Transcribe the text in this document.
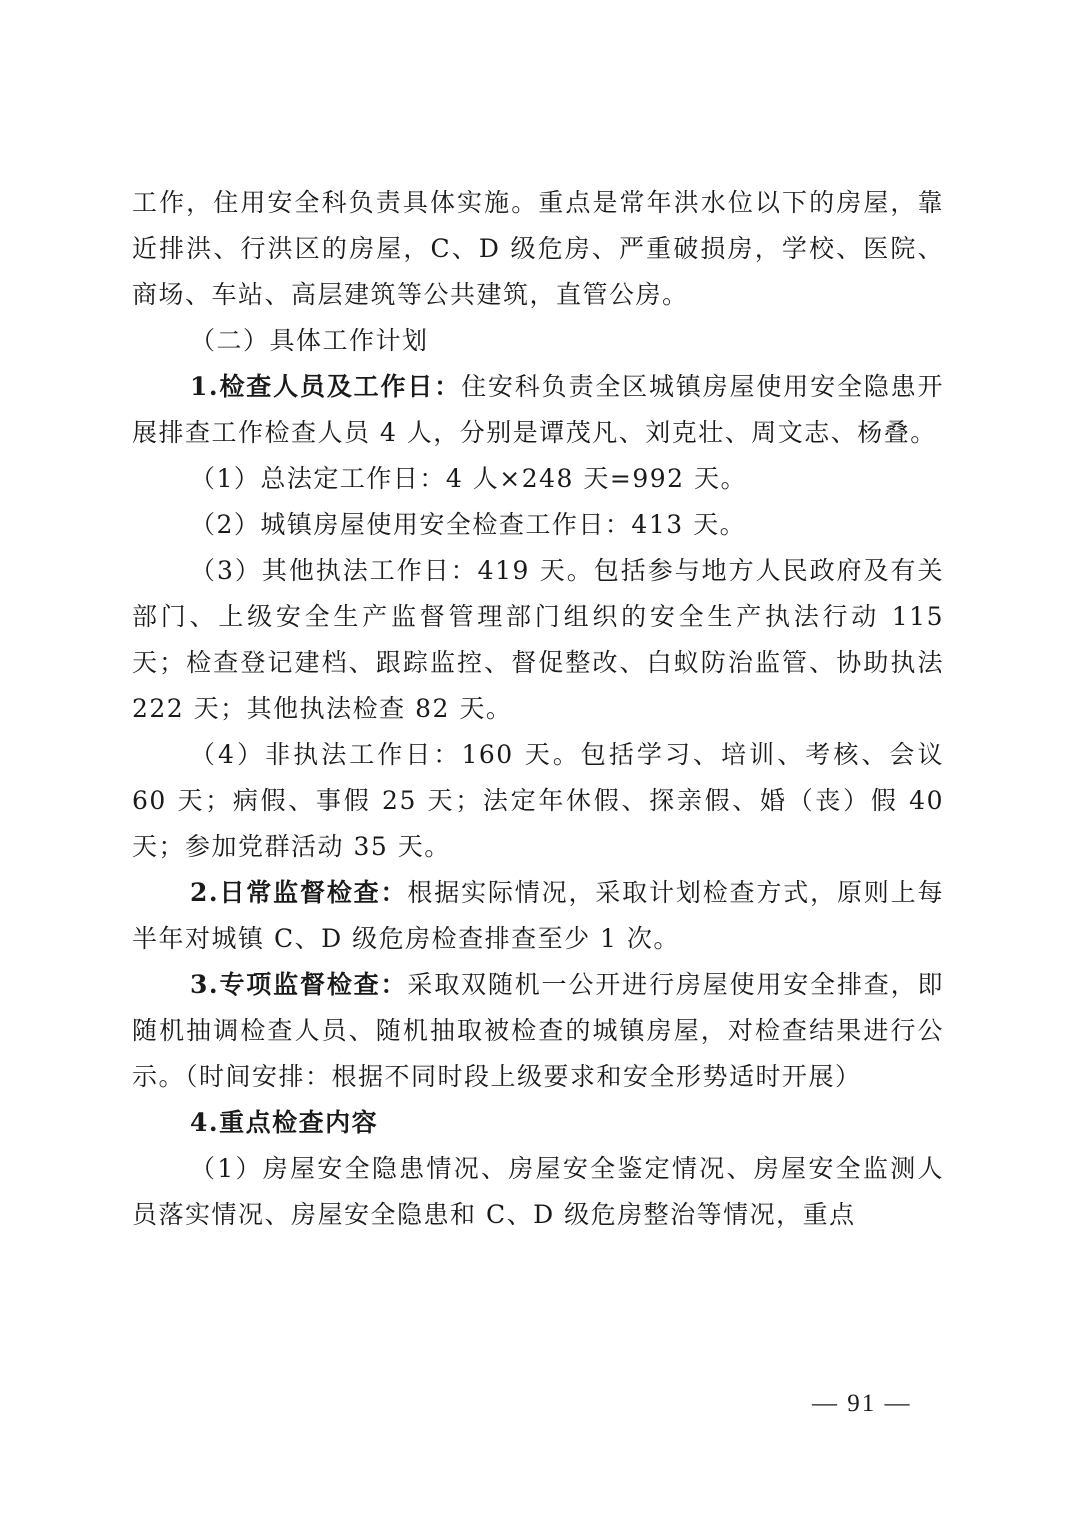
工作，住用安全科负责具体实施。重点是常年洪水位以下的房屋，靠近排洪、行洪区的房屋，C、D 级危房、严重破损房，学校、医院、商场、车站、高层建筑等公共建筑，直管公房。

（二）具体工作计划

1.检查人员及工作日：住安科负责全区城镇房屋使用安全隐患开展排查工作检查人员 4 人，分别是谭茂凡、刘克壮、周文志、杨叠。

（1）总法定工作日：4 人×248 天=992 天。

（2）城镇房屋使用安全检查工作日：413 天。

（3）其他执法工作日：419 天。包括参与地方人民政府及有关部门、上级安全生产监督管理部门组织的安全生产执法行动 115 天；检查登记建档、跟踪监控、督促整改、白蚁防治监管、协助执法 222 天；其他执法检查 82 天。

（4）非执法工作日：160 天。包括学习、培训、考核、会议 60 天；病假、事假 25 天；法定年休假、探亲假、婚（丧）假 40 天；参加党群活动 35 天。

2.日常监督检查：根据实际情况，采取计划检查方式，原则上每半年对城镇 C、D 级危房检查排查至少 1 次。

3.专项监督检查：采取双随机一公开进行房屋使用安全排查，即随机抽调检查人员、随机抽取被检查的城镇房屋，对检查结果进行公示。（时间安排：根据不同时段上级要求和安全形势适时开展）

4.重点检查内容

（1）房屋安全隐患情况、房屋安全鉴定情况、房屋安全监测人员落实情况、房屋安全隐患和 C、D 级危房整治等情况，重点

— 91 —
